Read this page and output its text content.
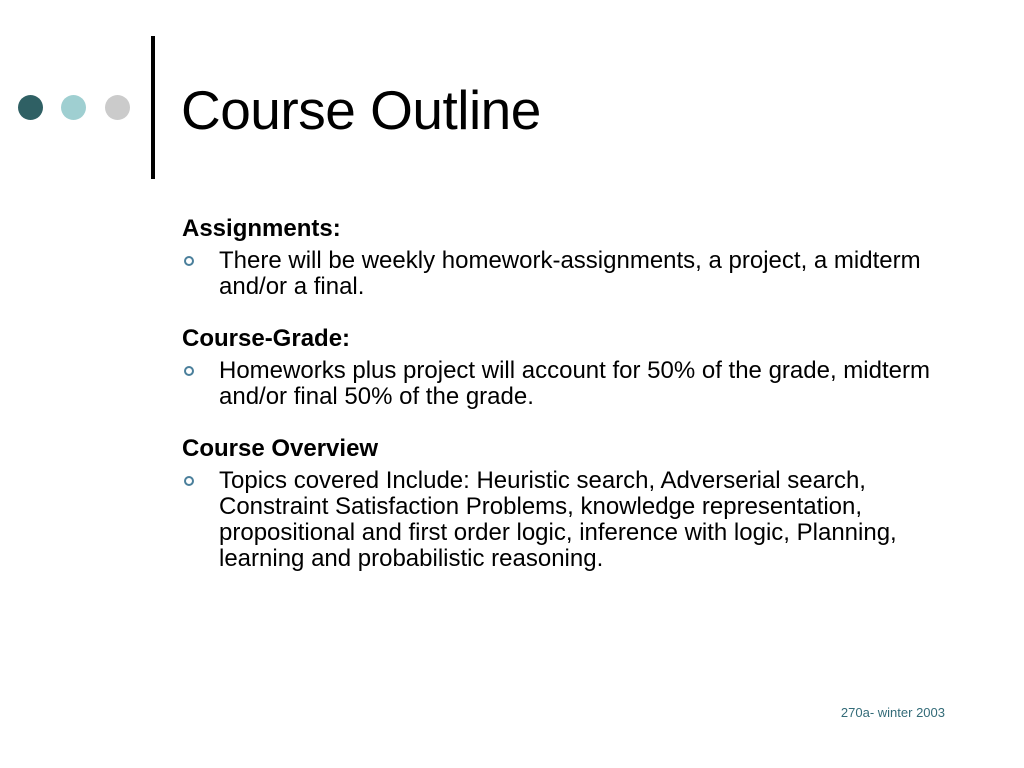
Course Outline
Assignments:
There will be weekly homework-assignments, a project, a midterm and/or a final.
Course-Grade:
Homeworks plus project will account for 50% of the grade, midterm and/or final 50% of the grade.
Course Overview
Topics covered Include: Heuristic search, Adverserial search, Constraint Satisfaction Problems, knowledge representation, propositional and first order logic, inference with logic, Planning, learning and probabilistic reasoning.
270a- winter 2003
